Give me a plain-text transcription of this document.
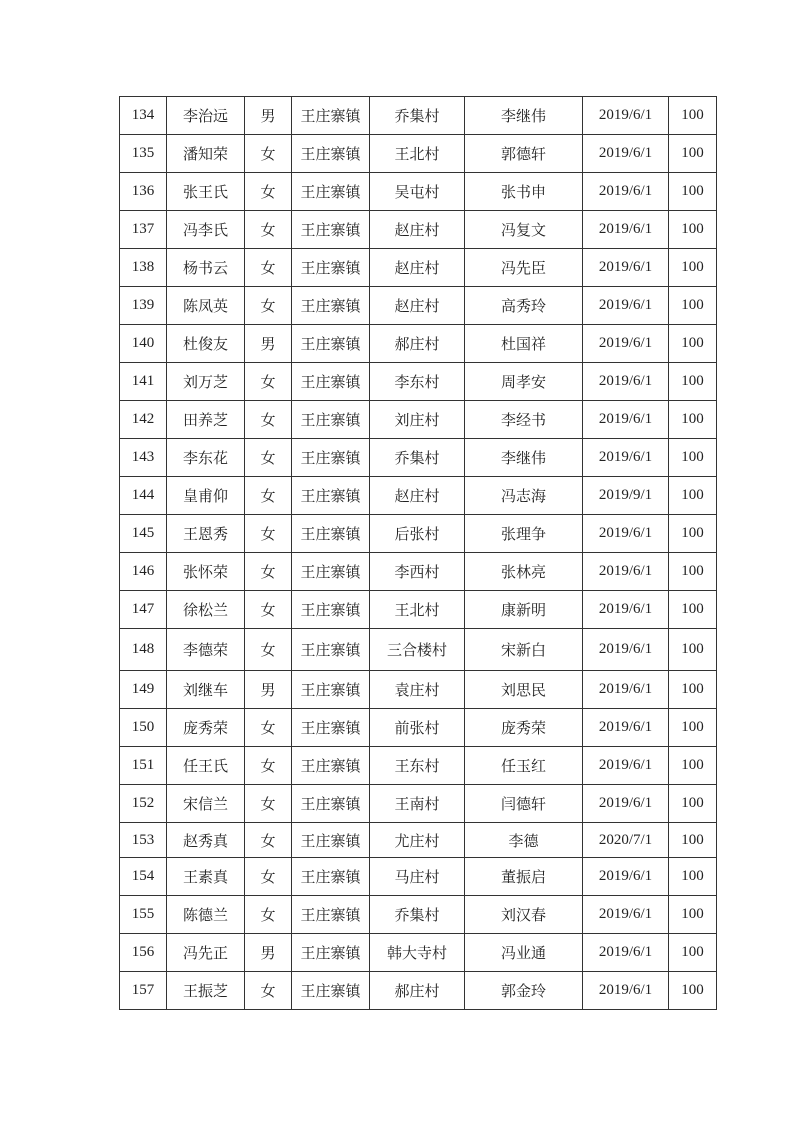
134	李治远	男	王庄寨镇	乔集村	李继伟	2019/6/1	100
135	潘知荣	女	王庄寨镇	王北村	郭德轩	2019/6/1	100
136	张王氏	女	王庄寨镇	吴屯村	张书申	2019/6/1	100
137	冯李氏	女	王庄寨镇	赵庄村	冯复文	2019/6/1	100
138	杨书云	女	王庄寨镇	赵庄村	冯先臣	2019/6/1	100
139	陈凤英	女	王庄寨镇	赵庄村	高秀玲	2019/6/1	100
140	杜俊友	男	王庄寨镇	郝庄村	杜国祥	2019/6/1	100
141	刘万芝	女	王庄寨镇	李东村	周孝安	2019/6/1	100
142	田养芝	女	王庄寨镇	刘庄村	李经书	2019/6/1	100
143	李东花	女	王庄寨镇	乔集村	李继伟	2019/6/1	100
144	皇甫仰	女	王庄寨镇	赵庄村	冯志海	2019/9/1	100
145	王恩秀	女	王庄寨镇	后张村	张理争	2019/6/1	100
146	张怀荣	女	王庄寨镇	李西村	张林亮	2019/6/1	100
147	徐松兰	女	王庄寨镇	王北村	康新明	2019/6/1	100
148	李德荣	女	王庄寨镇	三合楼村	宋新白	2019/6/1	100
149	刘继车	男	王庄寨镇	袁庄村	刘思民	2019/6/1	100
150	庞秀荣	女	王庄寨镇	前张村	庞秀荣	2019/6/1	100
151	任王氏	女	王庄寨镇	王东村	任玉红	2019/6/1	100
152	宋信兰	女	王庄寨镇	王南村	闫德轩	2019/6/1	100
153	赵秀真	女	王庄寨镇	尤庄村	李德	2020/7/1	100
154	王素真	女	王庄寨镇	马庄村	董振启	2019/6/1	100
155	陈德兰	女	王庄寨镇	乔集村	刘汉春	2019/6/1	100
156	冯先正	男	王庄寨镇	韩大寺村	冯业通	2019/6/1	100
157	王振芝	女	王庄寨镇	郝庄村	郭金玲	2019/6/1	100
